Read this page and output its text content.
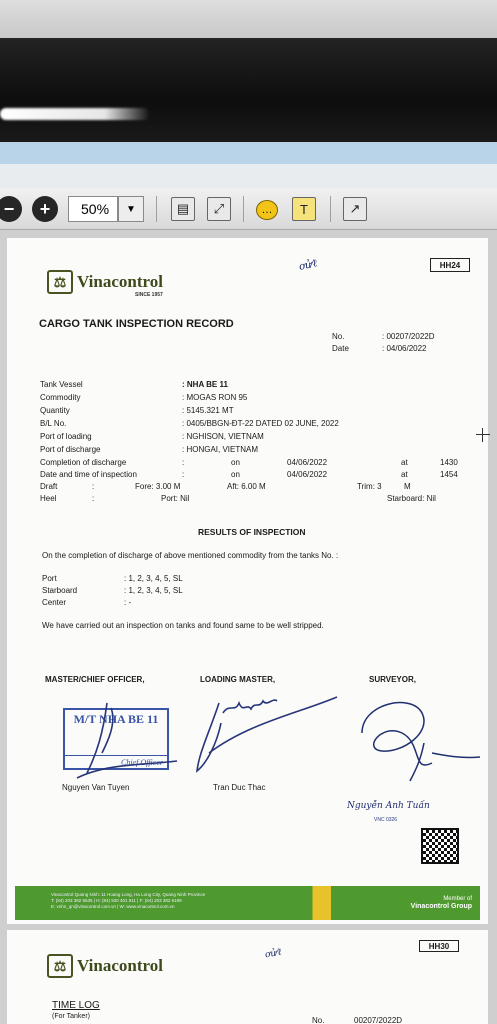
− +	50%	▼	▤ ⤢	… T	↗
⚖ Vinacontrol
SINCE 1957
ơử⁄ℓ	HH24
CARGO TANK INSPECTION RECORD
No.	: 00207/2022D
Date	: 04/06/2022
Tank Vessel	: NHA BE 11
Commodity	: MOGAS RON 95
Quantity	: 5145.321 MT
B/L No.	: 0405/BBGN-ĐT-22 DATED 02 JUNE, 2022
Port of loading	: NGHISON, VIETNAM
Port of discharge	: HONGAI, VIETNAM
Completion of discharge	:	on	04/06/2022	at	1430
Date and time of inspection	:	on	04/06/2022	at	1454
Draft	:	Fore: 3.00 M	Aft: 6.00 M	Trim: 3	M
Heel	:	Port: Nil	Starboard: Nil
RESULTS OF INSPECTION
On the completion of discharge of above mentioned commodity from the tanks No. :
Port	: 1, 2, 3, 4, 5, SL
Starboard	: 1, 2, 3, 4, 5, SL
Center	: -
We have carried out an inspection on tanks and found same to be well stripped.
MASTER/CHIEF OFFICER,	LOADING MASTER,	SURVEYOR,
M/T NHA BE 11
Chief Officer
Nguyen Van Tuyen	Tran Duc Thac
Nguyễn Anh Tuấn
VNC 0326
Vinacontrol Quang Ninh: 11 Hoang Long, Ha Long City, Quang Ninh Province
T: (84) 203 382 5535 | H: (84) 930 401 811 | F: (84) 203 382 6189
E: vnhn_qn@vinacontrol.com.vn | W: www.vinacontrol.com.vn
Member of
Vinacontrol Group
⚖ Vinacontrol
ơử⁄ℓ
HH30
TIME LOG
(For Tanker)	No.	00207/2022D
